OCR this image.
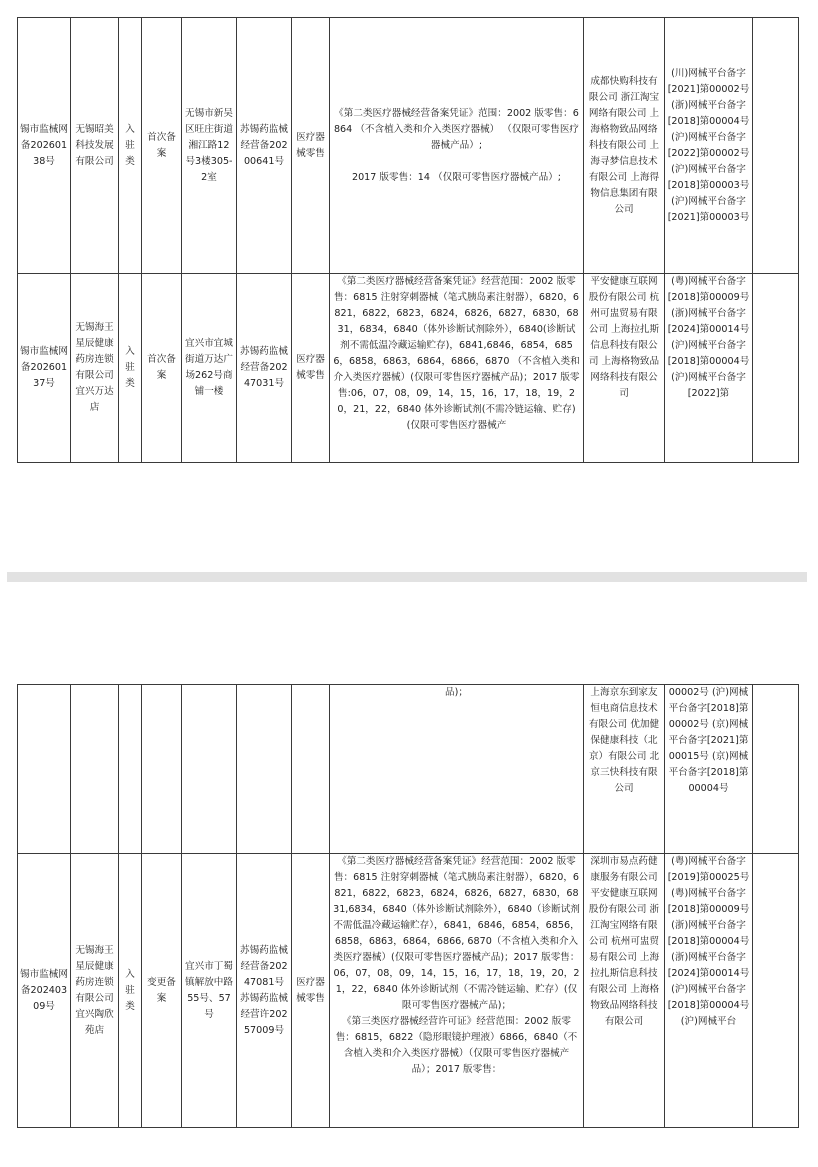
锡市监械网备20260138号	无锡昭美科技发展有限公司	入驻类	首次备案	无锡市新吴区旺庄街道湘江路12号3楼305-2室	苏锡药监械经营备20200641号	医疗器械零售	《第二类医疗器械经营备案凭证》范围：2002 版零售：6864 （不含植入类和介入类医疗器械） （仅限可零售医疗器械产品）;

2017 版零售：14 （仅限可零售医疗器械产品）;	成都快购科技有限公司 浙江淘宝网络有限公司 上海格物致品网络科技有限公司 上海寻梦信息技术有限公司 上海得物信息集团有限公司	(川)网械平台备字[2021]第00002号 (浙)网械平台备字[2018]第00004号 (沪)网械平台备字[2022]第00002号 (沪)网械平台备字[2018]第00003号 (沪)网械平台备字[2021]第00003号	
锡市监械网备20260137号	无锡海王星辰健康药房连锁有限公司宜兴万达店	入驻类	首次备案	宜兴市宜城街道万达广场262号商铺一楼	苏锡药监械经营备20247031号	医疗器械零售	《第二类医疗器械经营备案凭证》经营范围：2002 版零售：6815 注射穿刺器械（笔式胰岛素注射器），6820，6821，6822，6823，6824，6826，6827，6830，6831，6834，6840（体外诊断试剂除外），6840(诊断试剂不需低温冷藏运输贮存)，6841,6846，6854，6856，6858，6863，6864，6866，6870 （不含植入类和介入类医疗器械）(仅限可零售医疗器械产品)；2017 版零售:06，07，08，09，14，15，16，17，18，19，20，21，22，6840 体外诊断试剂(不需冷链运输、贮存)(仅限可零售医疗器械产	平安健康互联网股份有限公司 杭州可盅贸易有限公司 上海拉扎斯信息科技有限公司 上海格物致品网络科技有限公司	(粤)网械平台备字[2018]第00009号 (浙)网械平台备字[2024]第00014号 (沪)网械平台备字[2018]第00004号 (沪)网械平台备字[2022]第	

							品)；	上海京东到家友恒电商信息技术有限公司 优加健保健康科技（北京）有限公司 北京三快科技有限公司	00002号 (沪)网械平台备字[2018]第00002号 (京)网械平台备字[2021]第00015号 (京)网械平台备字[2018]第00004号	
锡市监械网备20240309号	无锡海王星辰健康药房连锁有限公司宜兴陶欣苑店	入驻类	变更备案	宜兴市丁蜀镇解放中路55号、57号	苏锡药监械经营备20247081号 苏锡药监械经营许20257009号	医疗器械零售	《第二类医疗器械经营备案凭证》经营范围：2002 版零售：6815 注射穿刺器械（笔式胰岛素注射器），6820，6821，6822，6823，6824，6826，6827，6830，6831,6834，6840（体外诊断试剂除外），6840（诊断试剂不需低温冷藏运输贮存），6841，6846，6854，6856，6858，6863，6864，6866, 6870（不含植入类和介入类医疗器械）(仅限可零售医疗器械产品)；2017 版零售：06，07，08，09，14，15，16，17，18，19，20，21，22，6840 体外诊断试剂（不需冷链运输、贮存）(仅限可零售医疗器械产品)；

《第三类医疗器械经营许可证》经营范围：2002 版零售：6815，6822（隐形眼镜护理液）6866，6840（不含植入类和介入类医疗器械）（仅限可零售医疗器械产品）；2017 版零售：	深圳市易点药健康服务有限公司 平安健康互联网股份有限公司 浙江淘宝网络有限公司 杭州可盅贸易有限公司 上海拉扎斯信息科技有限公司 上海格物致品网络科技有限公司	(粤)网械平台备字[2019]第00025号 (粤)网械平台备字[2018]第00009号 (浙)网械平台备字[2018]第00004号 (浙)网械平台备字[2024]第00014号 (沪)网械平台备字[2018]第00004号 (沪)网械平台	
